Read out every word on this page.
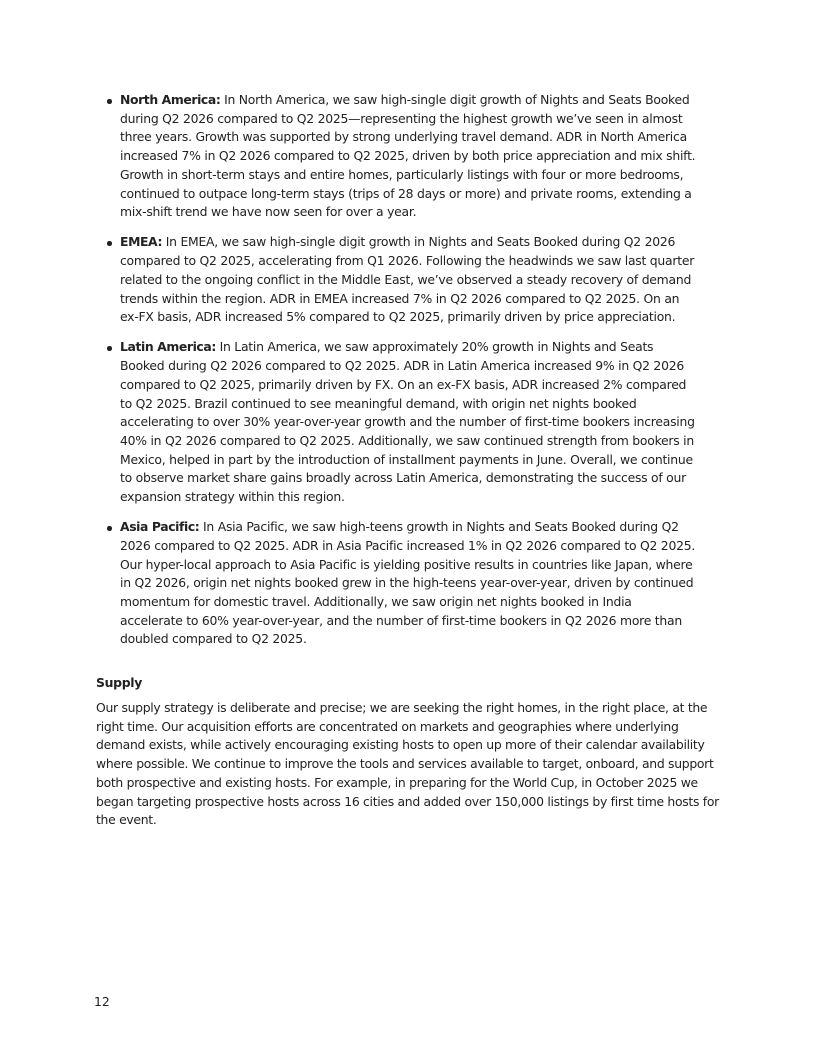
North America: In North America, we saw high-single digit growth of Nights and Seats Booked during Q2 2026 compared to Q2 2025—representing the highest growth we’ve seen in almost three years. Growth was supported by strong underlying travel demand. ADR in North America increased 7% in Q2 2026 compared to Q2 2025, driven by both price appreciation and mix shift. Growth in short-term stays and entire homes, particularly listings with four or more bedrooms, continued to outpace long-term stays (trips of 28 days or more) and private rooms, extending a mix-shift trend we have now seen for over a year.
EMEA: In EMEA, we saw high-single digit growth in Nights and Seats Booked during Q2 2026 compared to Q2 2025, accelerating from Q1 2026. Following the headwinds we saw last quarter related to the ongoing conflict in the Middle East, we’ve observed a steady recovery of demand trends within the region. ADR in EMEA increased 7% in Q2 2026 compared to Q2 2025. On an ex-FX basis, ADR increased 5% compared to Q2 2025, primarily driven by price appreciation.
Latin America: In Latin America, we saw approximately 20% growth in Nights and Seats Booked during Q2 2026 compared to Q2 2025. ADR in Latin America increased 9% in Q2 2026 compared to Q2 2025, primarily driven by FX. On an ex-FX basis, ADR increased 2% compared to Q2 2025. Brazil continued to see meaningful demand, with origin net nights booked accelerating to over 30% year-over-year growth and the number of first-time bookers increasing 40% in Q2 2026 compared to Q2 2025. Additionally, we saw continued strength from bookers in Mexico, helped in part by the introduction of installment payments in June. Overall, we continue to observe market share gains broadly across Latin America, demonstrating the success of our expansion strategy within this region.
Asia Pacific: In Asia Pacific, we saw high-teens growth in Nights and Seats Booked during Q2 2026 compared to Q2 2025. ADR in Asia Pacific increased 1% in Q2 2026 compared to Q2 2025. Our hyper-local approach to Asia Pacific is yielding positive results in countries like Japan, where in Q2 2026, origin net nights booked grew in the high-teens year-over-year, driven by continued momentum for domestic travel. Additionally, we saw origin net nights booked in India accelerate to 60% year-over-year, and the number of first-time bookers in Q2 2026 more than doubled compared to Q2 2025.
Supply

Our supply strategy is deliberate and precise; we are seeking the right homes, in the right place, at the right time. Our acquisition efforts are concentrated on markets and geographies where underlying demand exists, while actively encouraging existing hosts to open up more of their calendar availability where possible. We continue to improve the tools and services available to target, onboard, and support both prospective and existing hosts. For example, in preparing for the World Cup, in October 2025 we began targeting prospective hosts across 16 cities and added over 150,000 listings by first time hosts for the event.

12
